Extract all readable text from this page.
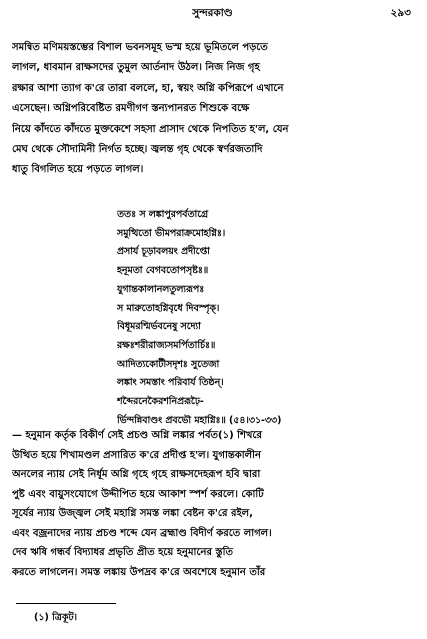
সুন্দরকাণ্ড	২৯৩
সমন্বিত মণিময়স্তম্ভের বিশাল ভবনসমূহ ভস্ম হয়ে ভূমিতলে পড়তে
লাগল, ধাবমান রাক্ষসদের তুমুল আর্তনাদ উঠল। নিজ নিজ গৃহ
রক্ষার আশা ত্যাগ ক'রে তারা বললে, হা, স্বয়ং অগ্নি কপিরূপে এখানে
এসেছেন। অগ্নিপরিবেষ্টিত রমণীগণ স্তন্যপানরত শিশুকে বক্ষে
নিয়ে কাঁদতে কাঁদতে মুক্তকেশে সহসা প্রাসাদ থেকে নিপতিত হ'ল, যেন
মেঘ থেকে সৌদামিনী নির্গত হচ্ছে। জ্বলন্ত গৃহ থেকে স্বর্ণরজতাদি
ধাতু বিগলিত হয়ে পড়তে লাগল।
ততঃ স লঙ্কাপুরপর্বতাগ্রে
সমুত্থিতো ভীমপরাক্রমোহগ্নিঃ।
প্রসার্য চূড়াবলয়ং প্রদীপ্তো
হনূমতা বেগবতোপসৃষ্টঃ॥
যুগান্তকালানলতুল্যরূপঃ
স মারুতোহগ্নিবৃধে দিবস্পৃক্।
বিধূমরশ্মির্ভবনেষু সদ্যো
রক্ষঃশরীরাজ্যসমর্পিতার্চিঃ॥
আদিত্যকোটীসদৃশঃ সুতেজা
লঙ্কাং সমস্তাং পরিবার্য তিষ্ঠন্।
শব্দৈরনেকৈরশনিপ্ররূঢ়ৈ-
র্ভিন্দন্নিবাণ্ডং প্রবভৌ মহাগ্নিঃ॥ (৫৪।৩১-৩৩)
— হনুমান কর্তৃক বিকীর্ণ সেই প্রচণ্ড অগ্নি লঙ্কার পর্বত(১) শিখরে
উত্থিত হয়ে শিখামণ্ডল প্রসারিত ক'রে প্রদীপ্ত হ'ল। যুগান্তকালীন
অনলের ন্যায় সেই নির্ধূম অগ্নি গৃহে গৃহে রাক্ষসদেহরূপ হবি দ্বারা
পুষ্ট এবং বায়ুসংযোগে উদ্দীপিত হয়ে আকাশ স্পর্শ করলে। কোটি
সূর্যের ন্যায় উজ্জ্বল সেই মহাগ্নি সমস্ত লঙ্কা বেষ্টন ক'রে রইল,
এবং বজ্রনাদের ন্যায় প্রচণ্ড শব্দে যেন ব্রহ্মাণ্ড বিদীর্ণ করতে লাগল।
দেব ঋষি গন্ধর্ব বিদ্যাধর প্রভৃতি প্রীত হয়ে হনুমানের স্তুতি
করতে লাগলেন। সমস্ত লঙ্কায় উপদ্রব ক'রে অবশেষে হনুমান তাঁর
(১) ত্রিকূট।
